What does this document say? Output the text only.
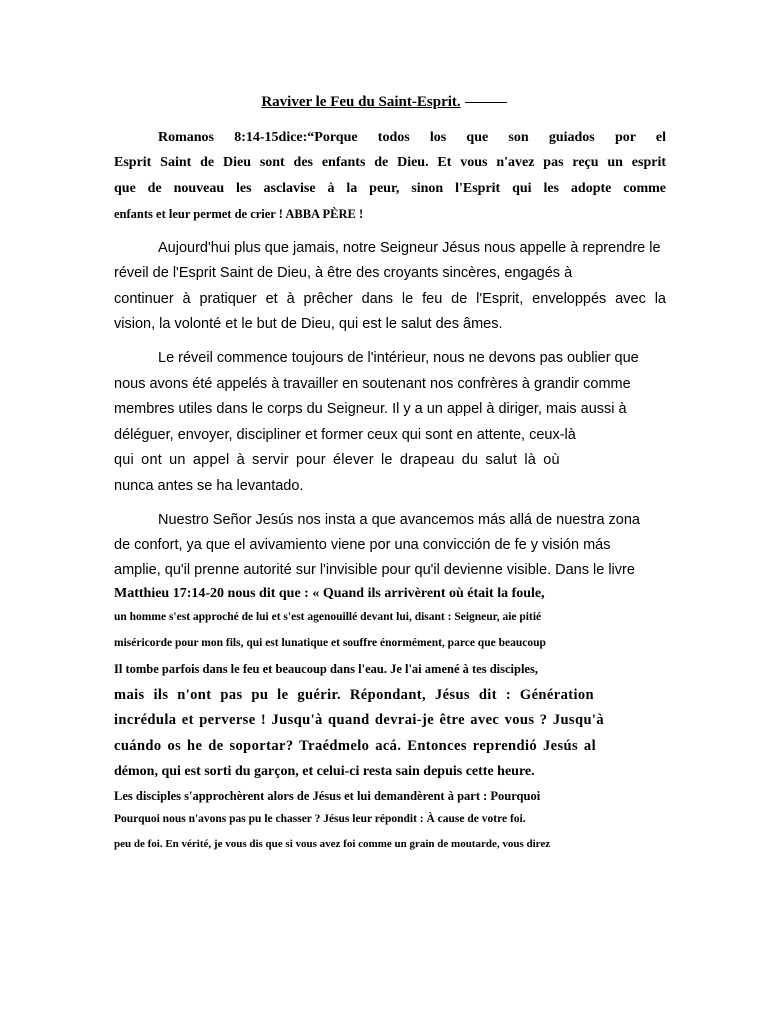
Raviver le Feu du Saint-Esprit.
Romanos 8:14-15dice:“Porque todos los que son guiados por el
Esprit Saint de Dieu sont des enfants de Dieu. Et vous n'avez pas reçu un esprit
que de nouveau les asclavise à la peur, sinon l'Esprit qui les adopte comme
enfants et leur permet de crier ! ABBA PÈRE !
Aujourd'hui plus que jamais, notre Seigneur Jésus nous appelle à reprendre le
réveil de l'Esprit Saint de Dieu, à être des croyants sincères, engagés à
continuer à pratiquer et à prêcher dans le feu de l'Esprit, enveloppés avec la
vision, la volonté et le but de Dieu, qui est le salut des âmes.
Le réveil commence toujours de l'intérieur, nous ne devons pas oublier que
nous avons été appelés à travailler en soutenant nos confrères à grandir comme
membres utiles dans le corps du Seigneur. Il y a un appel à diriger, mais aussi à
déléguer, envoyer, discipliner et former ceux qui sont en attente, ceux-là
qui ont un appel à servir pour élever le drapeau du salut là où
nunca antes se ha levantado.
Nuestro Señor Jesús nos insta a que avancemos más allá de nuestra zona
de confort, ya que el avivamiento viene por una convicción de fe y visión más
amplie, qu'il prenne autorité sur l'invisible pour qu'il devienne visible. Dans le livre
Matthieu 17:14-20 nous dit que : « Quand ils arrivèrent où était la foule,
un homme s'est approché de lui et s'est agenouillé devant lui, disant : Seigneur, aie pitié
miséricorde pour mon fils, qui est lunatique et souffre énormément, parce que beaucoup
Il tombe parfois dans le feu et beaucoup dans l'eau. Je l'ai amené à tes disciples,
mais ils n'ont pas pu le guérir. Répondant, Jésus dit : Génération
incrédula et perverse ! Jusqu'à quand devrai-je être avec vous ? Jusqu'à
cuándo os he de soportar? Traédmelo acá. Entonces reprendió Jesús al
démon, qui est sorti du garçon, et celui-ci resta sain depuis cette heure.
Les disciples s'approchèrent alors de Jésus et lui demandèrent à part : Pourquoi
Pourquoi nous n'avons pas pu le chasser ? Jésus leur répondit : À cause de votre foi.
peu de foi. En vérité, je vous dis que si vous avez foi comme un grain de moutarde, vous direz
